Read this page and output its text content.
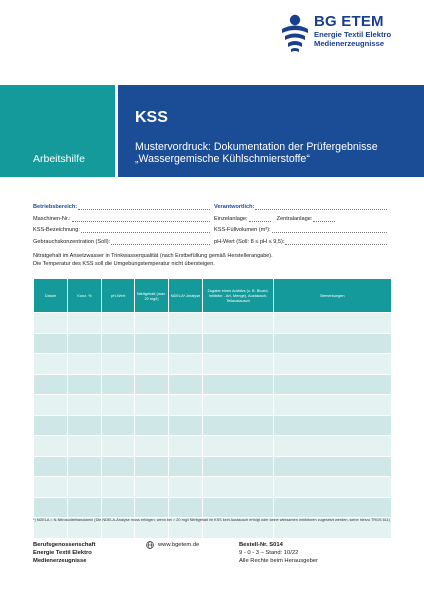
BG ETEM
Energie Textil Elektro
Medienerzeugnisse
Arbeitshilfe
KSS
Mustervordruck: Dokumentation der Prüfergebnisse
„Wassergemische Kühlschmierstoffe“
Betriebsbereich:	Verantwortlich:
Maschinen-Nr.:	Einzelanlage:	Zentralanlage:
KSS-Bezeichnung:	KSS-Füllvolumen (m³):
Gebrauchskonzentration (Soll):	pH-Wert (Soll: 8 ≤ pH ≤ 9,5):
Nitratgehalt im Ansetzwasser in Trinkwasserqualität (nach Erstbefüllung gemäß Herstellerangabe).
Die Temperatur des KSS soll die Umgebungstemperatur nicht übersteigen.
Datum	Konz. %	pH-Wert	Nitritgehalt (max. 20 mg/l)	NDELA*-Analyse	Zugabe eines Additivs (z. B. Biozid, Inhibitor - Art, Menge), Austausch, Teilaustausch	Bemerkungen

*) NDELA = N-Nitrosodiethanolamin (Die NDELA-Analyse muss erfolgen, wenn bei > 20 mg/l Nitritgehalt im KSS kein Austausch erfolgt oder keine wirksamen Inhibitoren zugesetzt werden, siehe hierzu TRGS 611)
Berufsgenossenschaft
Energie Textil Elektro
Medienerzeugnisse
www.bgetem.de	Bestell-Nr. S014
9 - 0 - 3 – Stand: 10/22
Alle Rechte beim Herausgeber
